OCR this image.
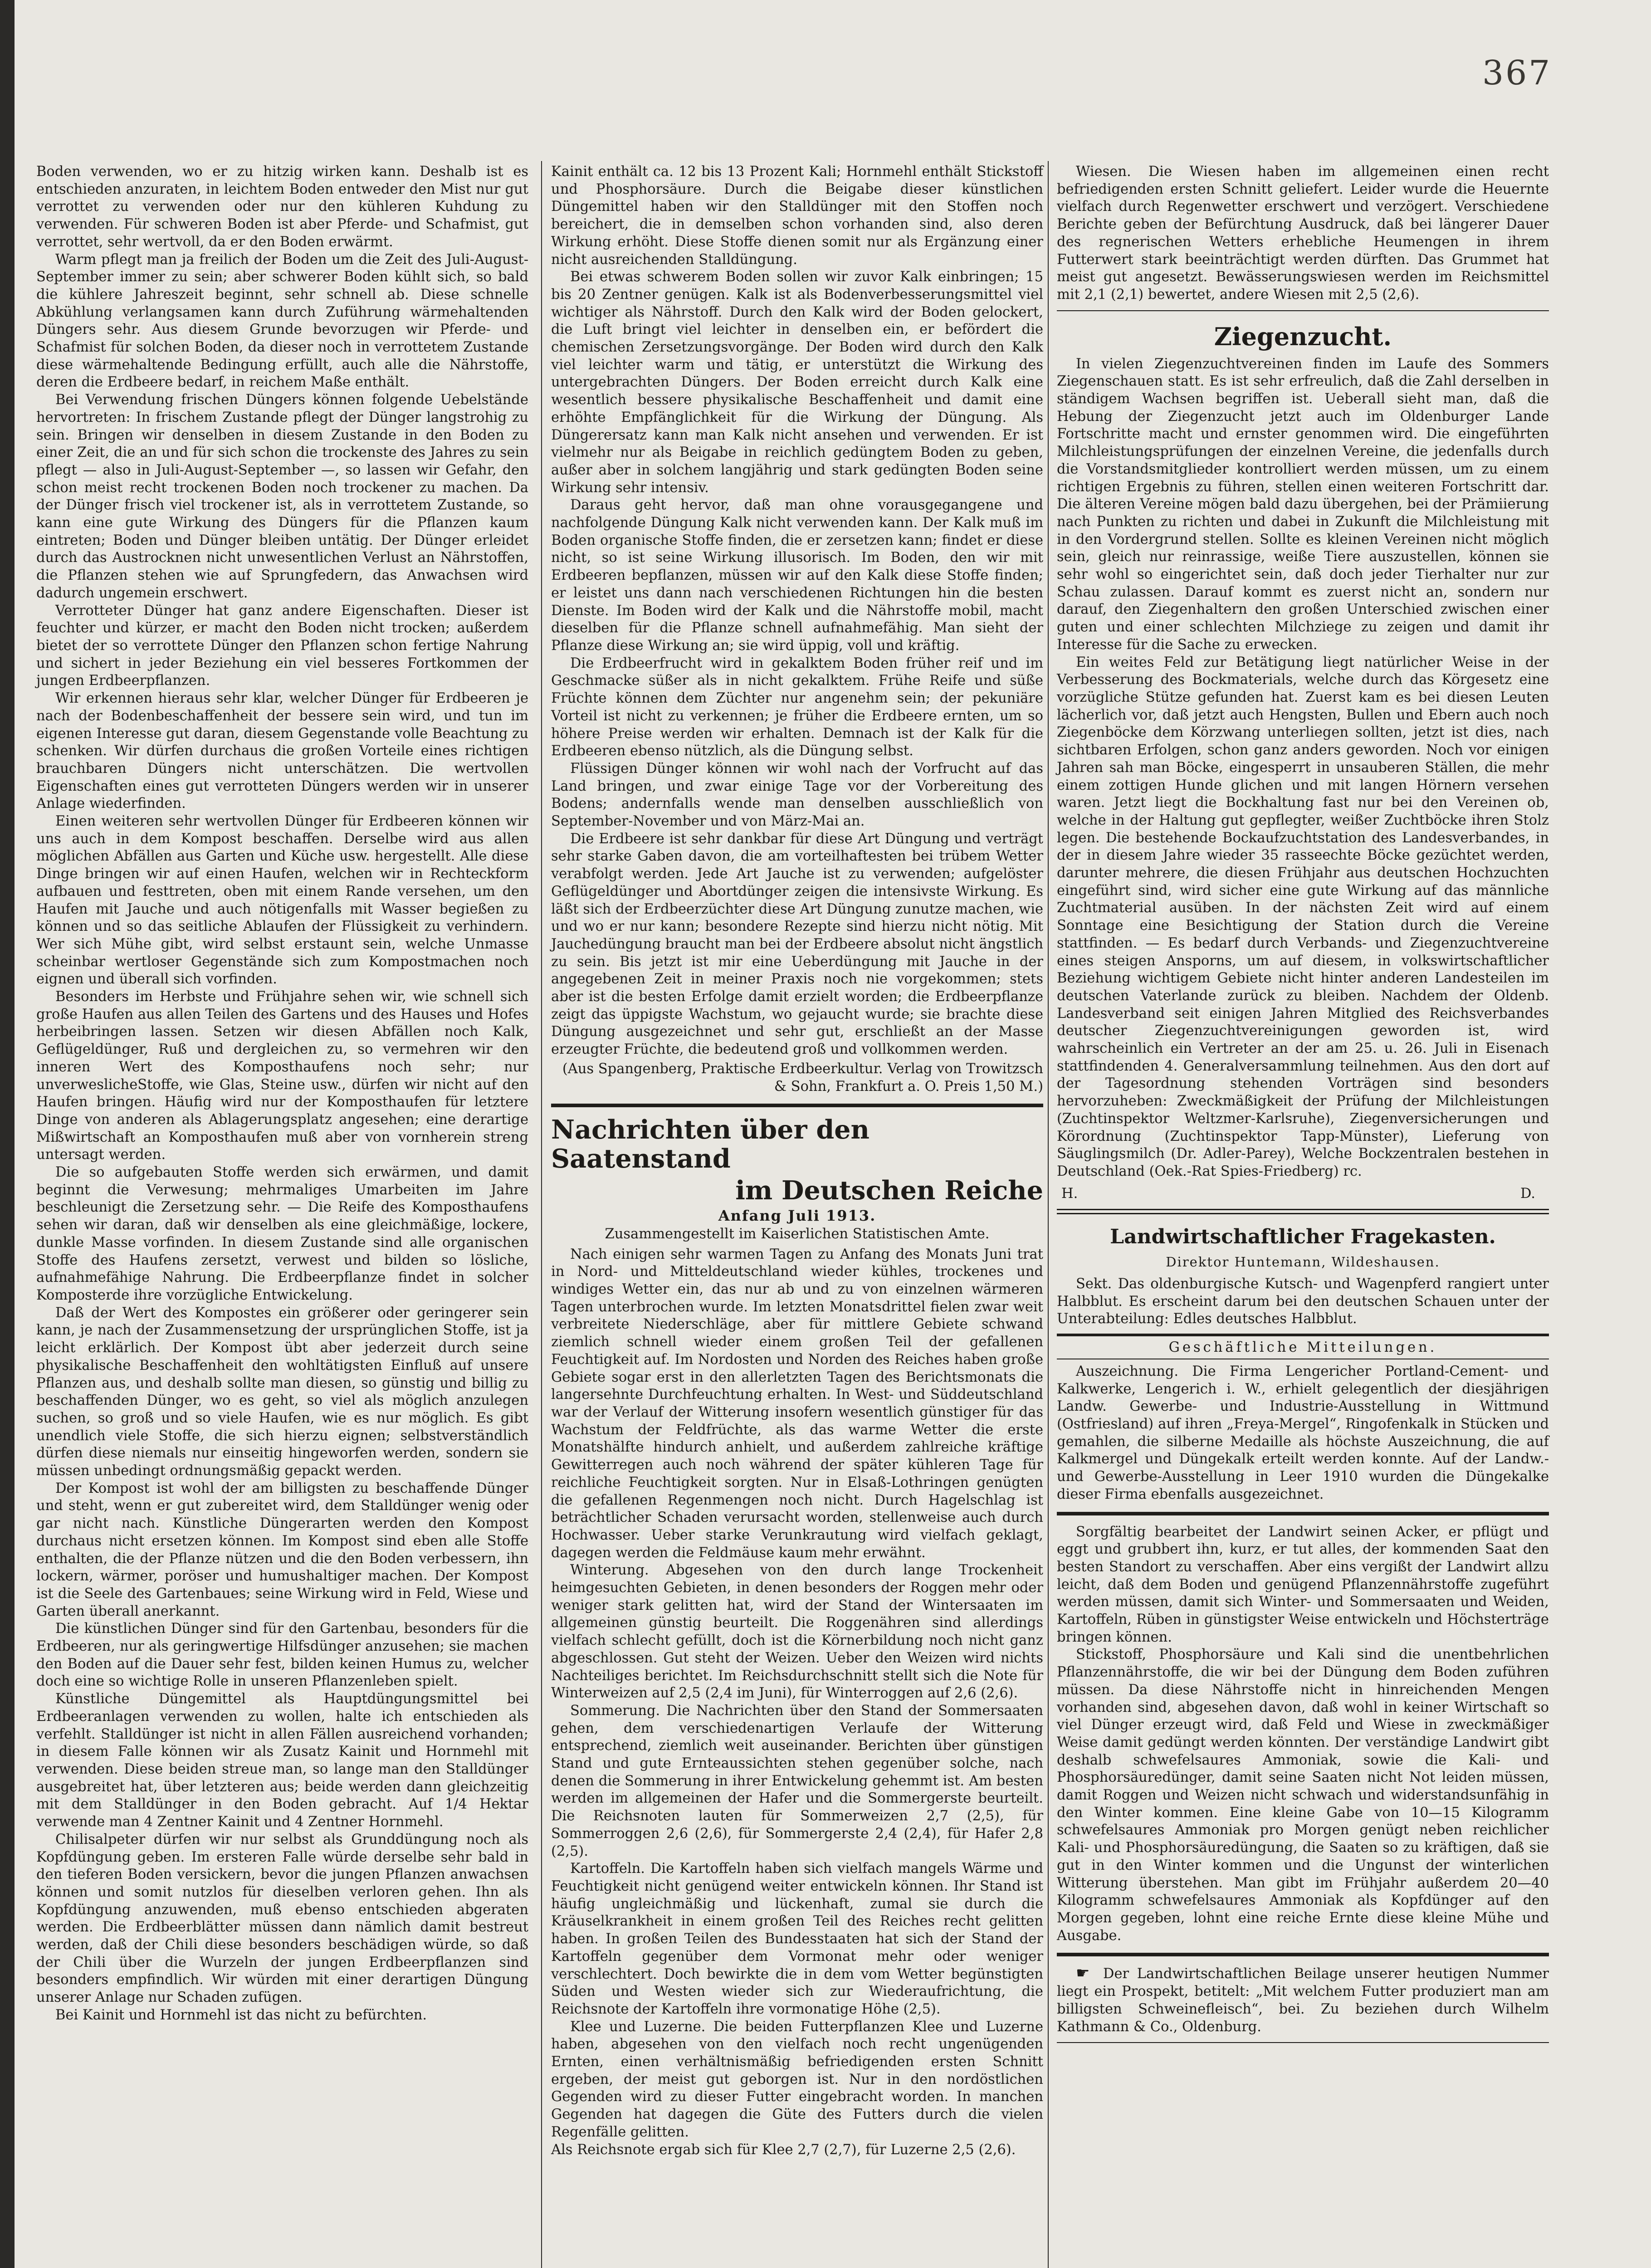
367

Boden verwenden, wo er zu hitzig wirken kann. Deshalb ist es entschieden anzuraten, in leichtem Boden entweder den Mist nur gut verrottet zu verwenden oder nur den kühleren Kuhdung zu verwenden. Für schweren Boden ist aber Pferde- und Schafmist, gut verrottet, sehr wertvoll, da er den Boden erwärmt.

Warm pflegt man ja freilich der Boden um die Zeit des Juli-August-September immer zu sein; aber schwerer Boden kühlt sich, so bald die kühlere Jahreszeit beginnt, sehr schnell ab. Diese schnelle Abkühlung verlangsamen kann durch Zuführung wärmehaltenden Düngers sehr. Aus diesem Grunde bevorzugen wir Pferde- und Schafmist für solchen Boden, da dieser noch in verrottetem Zustande diese wärmehaltende Bedingung erfüllt, auch alle die Nährstoffe, deren die Erdbeere bedarf, in reichem Maße enthält.

Bei Verwendung frischen Düngers können folgende Uebelstände hervortreten: In frischem Zustande pflegt der Dünger langstrohig zu sein. Bringen wir denselben in diesem Zustande in den Boden zu einer Zeit, die an und für sich schon die trockenste des Jahres zu sein pflegt — also in Juli-August-September —, so lassen wir Gefahr, den schon meist recht trockenen Boden noch trockener zu machen. Da der Dünger frisch viel trockener ist, als in verrottetem Zustande, so kann eine gute Wirkung des Düngers für die Pflanzen kaum eintreten; Boden und Dünger bleiben untätig. Der Dünger erleidet durch das Austrocknen nicht unwesentlichen Verlust an Nährstoffen, die Pflanzen stehen wie auf Sprungfedern, das Anwachsen wird dadurch ungemein erschwert.

Verrotteter Dünger hat ganz andere Eigenschaften. Dieser ist feuchter und kürzer, er macht den Boden nicht trocken; außerdem bietet der so verrottete Dünger den Pflanzen schon fertige Nahrung und sichert in jeder Beziehung ein viel besseres Fortkommen der jungen Erdbeerpflanzen.

Wir erkennen hieraus sehr klar, welcher Dünger für Erdbeeren je nach der Bodenbeschaffenheit der bessere sein wird, und tun im eigenen Interesse gut daran, diesem Gegenstande volle Beachtung zu schenken. Wir dürfen durchaus die großen Vorteile eines richtigen brauchbaren Düngers nicht unterschätzen. Die wertvollen Eigenschaften eines gut verrotteten Düngers werden wir in unserer Anlage wiederfinden.

Einen weiteren sehr wertvollen Dünger für Erdbeeren können wir uns auch in dem Kompost beschaffen. Derselbe wird aus allen möglichen Abfällen aus Garten und Küche usw. hergestellt. Alle diese Dinge bringen wir auf einen Haufen, welchen wir in Rechteckform aufbauen und festtreten, oben mit einem Rande versehen, um den Haufen mit Jauche und auch nötigenfalls mit Wasser begießen zu können und so das seitliche Ablaufen der Flüssigkeit zu verhindern. Wer sich Mühe gibt, wird selbst erstaunt sein, welche Unmasse scheinbar wertloser Gegenstände sich zum Kompostmachen noch eignen und überall sich vorfinden.

Besonders im Herbste und Frühjahre sehen wir, wie schnell sich große Haufen aus allen Teilen des Gartens und des Hauses und Hofes herbeibringen lassen. Setzen wir diesen Abfällen noch Kalk, Geflügeldünger, Ruß und dergleichen zu, so vermehren wir den inneren Wert des Komposthaufens noch sehr; nur unverweslicheStoffe, wie Glas, Steine usw., dürfen wir nicht auf den Haufen bringen. Häufig wird nur der Komposthaufen für letztere Dinge von anderen als Ablagerungsplatz angesehen; eine derartige Mißwirtschaft an Komposthaufen muß aber von vornherein streng untersagt werden.

Die so aufgebauten Stoffe werden sich erwärmen, und damit beginnt die Verwesung; mehrmaliges Umarbeiten im Jahre beschleunigt die Zersetzung sehr. — Die Reife des Komposthaufens sehen wir daran, daß wir denselben als eine gleichmäßige, lockere, dunkle Masse vorfinden. In diesem Zustande sind alle organischen Stoffe des Haufens zersetzt, verwest und bilden so lösliche, aufnahmefähige Nahrung. Die Erdbeerpflanze findet in solcher Komposterde ihre vorzügliche Entwickelung.

Daß der Wert des Kompostes ein größerer oder geringerer sein kann, je nach der Zusammensetzung der ursprünglichen Stoffe, ist ja leicht erklärlich. Der Kompost übt aber jederzeit durch seine physikalische Beschaffenheit den wohltätigsten Einfluß auf unsere Pflanzen aus, und deshalb sollte man diesen, so günstig und billig zu beschaffenden Dünger, wo es geht, so viel als möglich anzulegen suchen, so groß und so viele Haufen, wie es nur möglich. Es gibt unendlich viele Stoffe, die sich hierzu eignen; selbstverständlich dürfen diese niemals nur einseitig hingeworfen werden, sondern sie müssen unbedingt ordnungsmäßig gepackt werden.

Der Kompost ist wohl der am billigsten zu beschaffende Dünger und steht, wenn er gut zubereitet wird, dem Stalldünger wenig oder gar nicht nach. Künstliche Düngerarten werden den Kompost durchaus nicht ersetzen können. Im Kompost sind eben alle Stoffe enthalten, die der Pflanze nützen und die den Boden verbessern, ihn lockern, wärmer, poröser und humushaltiger machen. Der Kompost ist die Seele des Gartenbaues; seine Wirkung wird in Feld, Wiese und Garten überall anerkannt.

Die künstlichen Dünger sind für den Gartenbau, besonders für die Erdbeeren, nur als geringwertige Hilfsdünger anzusehen; sie machen den Boden auf die Dauer sehr fest, bilden keinen Humus zu, welcher doch eine so wichtige Rolle in unseren Pflanzenleben spielt.

Künstliche Düngemittel als Hauptdüngungsmittel bei Erdbeeranlagen verwenden zu wollen, halte ich entschieden als verfehlt. Stalldünger ist nicht in allen Fällen ausreichend vorhanden; in diesem Falle können wir als Zusatz Kainit und Hornmehl mit verwenden. Diese beiden streue man, so lange man den Stalldünger ausgebreitet hat, über letzteren aus; beide werden dann gleichzeitig mit dem Stalldünger in den Boden gebracht. Auf 1/4 Hektar verwende man 4 Zentner Kainit und 4 Zentner Hornmehl.

Chilisalpeter dürfen wir nur selbst als Grunddüngung noch als Kopfdüngung geben. Im ersteren Falle würde derselbe sehr bald in den tieferen Boden versickern, bevor die jungen Pflanzen anwachsen können und somit nutzlos für dieselben verloren gehen. Ihn als Kopfdüngung anzuwenden, muß ebenso entschieden abgeraten werden. Die Erdbeerblätter müssen dann nämlich damit bestreut werden, daß der Chili diese besonders beschädigen würde, so daß der Chili über die Wurzeln der jungen Erdbeerpflanzen sind besonders empfindlich. Wir würden mit einer derartigen Düngung unserer Anlage nur Schaden zufügen.

Bei Kainit und Hornmehl ist das nicht zu befürchten.

Kainit enthält ca. 12 bis 13 Prozent Kali; Hornmehl enthält Stickstoff und Phosphorsäure. Durch die Beigabe dieser künstlichen Düngemittel haben wir den Stalldünger mit den Stoffen noch bereichert, die in demselben schon vorhanden sind, also deren Wirkung erhöht. Diese Stoffe dienen somit nur als Ergänzung einer nicht ausreichenden Stalldüngung.

Bei etwas schwerem Boden sollen wir zuvor Kalk einbringen; 15 bis 20 Zentner genügen. Kalk ist als Bodenverbesserungsmittel viel wichtiger als Nährstoff. Durch den Kalk wird der Boden gelockert, die Luft bringt viel leichter in denselben ein, er befördert die chemischen Zersetzungsvorgänge. Der Boden wird durch den Kalk viel leichter warm und tätig, er unterstützt die Wirkung des untergebrachten Düngers. Der Boden erreicht durch Kalk eine wesentlich bessere physikalische Beschaffenheit und damit eine erhöhte Empfänglichkeit für die Wirkung der Düngung. Als Düngerersatz kann man Kalk nicht ansehen und verwenden. Er ist vielmehr nur als Beigabe in reichlich gedüngtem Boden zu geben, außer aber in solchem langjährig und stark gedüngten Boden seine Wirkung sehr intensiv.

Daraus geht hervor, daß man ohne vorausgegangene und nachfolgende Düngung Kalk nicht verwenden kann. Der Kalk muß im Boden organische Stoffe finden, die er zersetzen kann; findet er diese nicht, so ist seine Wirkung illusorisch. Im Boden, den wir mit Erdbeeren bepflanzen, müssen wir auf den Kalk diese Stoffe finden; er leistet uns dann nach verschiedenen Richtungen hin die besten Dienste. Im Boden wird der Kalk und die Nährstoffe mobil, macht dieselben für die Pflanze schnell aufnahmefähig. Man sieht der Pflanze diese Wirkung an; sie wird üppig, voll und kräftig.

Die Erdbeerfrucht wird in gekalktem Boden früher reif und im Geschmacke süßer als in nicht gekalktem. Frühe Reife und süße Früchte können dem Züchter nur angenehm sein; der pekuniäre Vorteil ist nicht zu verkennen; je früher die Erdbeere ernten, um so höhere Preise werden wir erhalten. Demnach ist der Kalk für die Erdbeeren ebenso nützlich, als die Düngung selbst.

Flüssigen Dünger können wir wohl nach der Vorfrucht auf das Land bringen, und zwar einige Tage vor der Vorbereitung des Bodens; andernfalls wende man denselben ausschließlich von September-November und von März-Mai an.

Die Erdbeere ist sehr dankbar für diese Art Düngung und verträgt sehr starke Gaben davon, die am vorteilhaftesten bei trübem Wetter verabfolgt werden. Jede Art Jauche ist zu verwenden; aufgelöster Geflügeldünger und Abortdünger zeigen die intensivste Wirkung. Es läßt sich der Erdbeerzüchter diese Art Düngung zunutze machen, wie und wo er nur kann; besondere Rezepte sind hierzu nicht nötig. Mit Jauchedüngung braucht man bei der Erdbeere absolut nicht ängstlich zu sein. Bis jetzt ist mir eine Ueberdüngung mit Jauche in der angegebenen Zeit in meiner Praxis noch nie vorgekommen; stets aber ist die besten Erfolge damit erzielt worden; die Erdbeerpflanze zeigt das üppigste Wachstum, wo gejaucht wurde; sie brachte diese Düngung ausgezeichnet und sehr gut, erschließt an der Masse erzeugter Früchte, die bedeutend groß und vollkommen werden.

(Aus Spangenberg, Praktische Erdbeerkultur. Verlag von Trowitzsch & Sohn, Frankfurt a. O. Preis 1,50 M.)
Nachrichten über den Saatenstand
im Deutschen Reiche
Anfang Juli 1913.
Zusammengestellt im Kaiserlichen Statistischen Amte.

Nach einigen sehr warmen Tagen zu Anfang des Monats Juni trat in Nord- und Mitteldeutschland wieder kühles, trockenes und windiges Wetter ein, das nur ab und zu von einzelnen wärmeren Tagen unterbrochen wurde. Im letzten Monatsdrittel fielen zwar weit verbreitete Niederschläge, aber für mittlere Gebiete schwand ziemlich schnell wieder einem großen Teil der gefallenen Feuchtigkeit auf. Im Nordosten und Norden des Reiches haben große Gebiete sogar erst in den allerletzten Tagen des Berichtsmonats die langersehnte Durchfeuchtung erhalten. In West- und Süddeutschland war der Verlauf der Witterung insofern wesentlich günstiger für das Wachstum der Feldfrüchte, als das warme Wetter die erste Monatshälfte hindurch anhielt, und außerdem zahlreiche kräftige Gewitterregen auch noch während der später kühleren Tage für reichliche Feuchtigkeit sorgten. Nur in Elsaß-Lothringen genügten die gefallenen Regenmengen noch nicht. Durch Hagelschlag ist beträchtlicher Schaden verursacht worden, stellenweise auch durch Hochwasser. Ueber starke Verunkrautung wird vielfach geklagt, dagegen werden die Feldmäuse kaum mehr erwähnt.

Winterung. Abgesehen von den durch lange Trockenheit heimgesuchten Gebieten, in denen besonders der Roggen mehr oder weniger stark gelitten hat, wird der Stand der Wintersaaten im allgemeinen günstig beurteilt. Die Roggenähren sind allerdings vielfach schlecht gefüllt, doch ist die Körnerbildung noch nicht ganz abgeschlossen. Gut steht der Weizen. Ueber den Weizen wird nichts Nachteiliges berichtet. Im Reichsdurchschnitt stellt sich die Note für Winterweizen auf 2,5 (2,4 im Juni), für Winterroggen auf 2,6 (2,6).

Sommerung. Die Nachrichten über den Stand der Sommersaaten gehen, dem verschiedenartigen Verlaufe der Witterung entsprechend, ziemlich weit auseinander. Berichten über günstigen Stand und gute Ernteaussichten stehen gegenüber solche, nach denen die Sommerung in ihrer Entwickelung gehemmt ist. Am besten werden im allgemeinen der Hafer und die Sommergerste beurteilt. Die Reichsnoten lauten für Sommerweizen 2,7 (2,5), für Sommerroggen 2,6 (2,6), für Sommergerste 2,4 (2,4), für Hafer 2,8 (2,5).

Kartoffeln. Die Kartoffeln haben sich vielfach mangels Wärme und Feuchtigkeit nicht genügend weiter entwickeln können. Ihr Stand ist häufig ungleichmäßig und lückenhaft, zumal sie durch die Kräuselkrankheit in einem großen Teil des Reiches recht gelitten haben. In großen Teilen des Bundesstaaten hat sich der Stand der Kartoffeln gegenüber dem Vormonat mehr oder weniger verschlechtert. Doch bewirkte die in dem vom Wetter begünstigten Süden und Westen wieder sich zur Wiederaufrichtung, die Reichsnote der Kartoffeln ihre vormonatige Höhe (2,5).

Klee und Luzerne. Die beiden Futterpflanzen Klee und Luzerne haben, abgesehen von den vielfach noch recht ungenügenden Ernten, einen verhältnismäßig befriedigenden ersten Schnitt ergeben, der meist gut geborgen ist. Nur in den nordöstlichen Gegenden wird zu dieser Futter eingebracht worden. In manchen Gegenden hat dagegen die Güte des Futters durch die vielen Regenfälle gelitten.

Als Reichsnote ergab sich für Klee 2,7 (2,7), für Luzerne 2,5 (2,6).

Wiesen. Die Wiesen haben im allgemeinen einen recht befriedigenden ersten Schnitt geliefert. Leider wurde die Heuernte vielfach durch Regenwetter erschwert und verzögert. Verschiedene Berichte geben der Befürchtung Ausdruck, daß bei längerer Dauer des regnerischen Wetters erhebliche Heumengen in ihrem Futterwert stark beeinträchtigt werden dürften. Das Grummet hat meist gut angesetzt. Bewässerungswiesen werden im Reichsmittel mit 2,1 (2,1) bewertet, andere Wiesen mit 2,5 (2,6).

Ziegenzucht.

In vielen Ziegenzuchtvereinen finden im Laufe des Sommers Ziegenschauen statt. Es ist sehr erfreulich, daß die Zahl derselben in ständigem Wachsen begriffen ist. Ueberall sieht man, daß die Hebung der Ziegenzucht jetzt auch im Oldenburger Lande Fortschritte macht und ernster genommen wird. Die eingeführten Milchleistungsprüfungen der einzelnen Vereine, die jedenfalls durch die Vorstandsmitglieder kontrolliert werden müssen, um zu einem richtigen Ergebnis zu führen, stellen einen weiteren Fortschritt dar. Die älteren Vereine mögen bald dazu übergehen, bei der Prämiierung nach Punkten zu richten und dabei in Zukunft die Milchleistung mit in den Vordergrund stellen. Sollte es kleinen Vereinen nicht möglich sein, gleich nur reinrassige, weiße Tiere auszustellen, können sie sehr wohl so eingerichtet sein, daß doch jeder Tierhalter nur zur Schau zulassen. Darauf kommt es zuerst nicht an, sondern nur darauf, den Ziegenhaltern den großen Unterschied zwischen einer guten und einer schlechten Milchziege zu zeigen und damit ihr Interesse für die Sache zu erwecken.

Ein weites Feld zur Betätigung liegt natürlicher Weise in der Verbesserung des Bockmaterials, welche durch das Körgesetz eine vorzügliche Stütze gefunden hat. Zuerst kam es bei diesen Leuten lächerlich vor, daß jetzt auch Hengsten, Bullen und Ebern auch noch Ziegenböcke dem Körzwang unterliegen sollten, jetzt ist dies, nach sichtbaren Erfolgen, schon ganz anders geworden. Noch vor einigen Jahren sah man Böcke, eingesperrt in unsauberen Ställen, die mehr einem zottigen Hunde glichen und mit langen Hörnern versehen waren. Jetzt liegt die Bockhaltung fast nur bei den Vereinen ob, welche in der Haltung gut gepflegter, weißer Zuchtböcke ihren Stolz legen. Die bestehende Bockaufzuchtstation des Landesverbandes, in der in diesem Jahre wieder 35 rasseechte Böcke gezüchtet werden, darunter mehrere, die diesen Frühjahr aus deutschen Hochzuchten eingeführt sind, wird sicher eine gute Wirkung auf das männliche Zuchtmaterial ausüben. In der nächsten Zeit wird auf einem Sonntage eine Besichtigung der Station durch die Vereine stattfinden. — Es bedarf durch Verbands- und Ziegenzuchtvereine eines steigen Ansporns, um auf diesem, in volkswirtschaftlicher Beziehung wichtigem Gebiete nicht hinter anderen Landesteilen im deutschen Vaterlande zurück zu bleiben. Nachdem der Oldenb. Landesverband seit einigen Jahren Mitglied des Reichsverbandes deutscher Ziegenzuchtvereinigungen geworden ist, wird wahrscheinlich ein Vertreter an der am 25. u. 26. Juli in Eisenach stattfindenden 4. Generalversammlung teilnehmen. Aus den dort auf der Tagesordnung stehenden Vorträgen sind besonders hervorzuheben: Zweckmäßigkeit der Prüfung der Milchleistungen (Zuchtinspektor Weltzmer-Karlsruhe), Ziegenversicherungen und Körordnung (Zuchtinspektor Tapp-Münster), Lieferung von Säuglingsmilch (Dr. Adler-Parey), Welche Bockzentralen bestehen in Deutschland (Oek.-Rat Spies-Friedberg) rc.

H.	D.
Landwirtschaftlicher Fragekasten.
Direktor Huntemann, Wildeshausen.

Sekt. Das oldenburgische Kutsch- und Wagenpferd rangiert unter Halbblut. Es erscheint darum bei den deutschen Schauen unter der Unterabteilung: Edles deutsches Halbblut.

Geschäftliche Mitteilungen.

Auszeichnung. Die Firma Lengericher Portland-Cement- und Kalkwerke, Lengerich i. W., erhielt gelegentlich der diesjährigen Landw. Gewerbe- und Industrie-Ausstellung in Wittmund (Ostfriesland) auf ihren „Freya-Mergel“, Ringofenkalk in Stücken und gemahlen, die silberne Medaille als höchste Auszeichnung, die auf Kalkmergel und Düngekalk erteilt werden konnte. Auf der Landw.- und Gewerbe-Ausstellung in Leer 1910 wurden die Düngekalke dieser Firma ebenfalls ausgezeichnet.

Sorgfältig bearbeitet der Landwirt seinen Acker, er pflügt und eggt und grubbert ihn, kurz, er tut alles, der kommenden Saat den besten Standort zu verschaffen. Aber eins vergißt der Landwirt allzu leicht, daß dem Boden und genügend Pflanzennährstoffe zugeführt werden müssen, damit sich Winter- und Sommersaaten und Weiden, Kartoffeln, Rüben in günstigster Weise entwickeln und Höchsterträge bringen können.

Stickstoff, Phosphorsäure und Kali sind die unentbehrlichen Pflanzennährstoffe, die wir bei der Düngung dem Boden zuführen müssen. Da diese Nährstoffe nicht in hinreichenden Mengen vorhanden sind, abgesehen davon, daß wohl in keiner Wirtschaft so viel Dünger erzeugt wird, daß Feld und Wiese in zweckmäßiger Weise damit gedüngt werden könnten. Der verständige Landwirt gibt deshalb schwefelsaures Ammoniak, sowie die Kali- und Phosphorsäuredünger, damit seine Saaten nicht Not leiden müssen, damit Roggen und Weizen nicht schwach und widerstandsunfähig in den Winter kommen. Eine kleine Gabe von 10—15 Kilogramm schwefelsaures Ammoniak pro Morgen genügt neben reichlicher Kali- und Phosphorsäuredüngung, die Saaten so zu kräftigen, daß sie gut in den Winter kommen und die Ungunst der winterlichen Witterung überstehen. Man gibt im Frühjahr außerdem 20—40 Kilogramm schwefelsaures Ammoniak als Kopfdünger auf den Morgen gegeben, lohnt eine reiche Ernte diese kleine Mühe und Ausgabe.

☛ Der Landwirtschaftlichen Beilage unserer heutigen Nummer liegt ein Prospekt, betitelt: „Mit welchem Futter produziert man am billigsten Schweinefleisch“, bei. Zu beziehen durch Wilhelm Kathmann & Co., Oldenburg.
